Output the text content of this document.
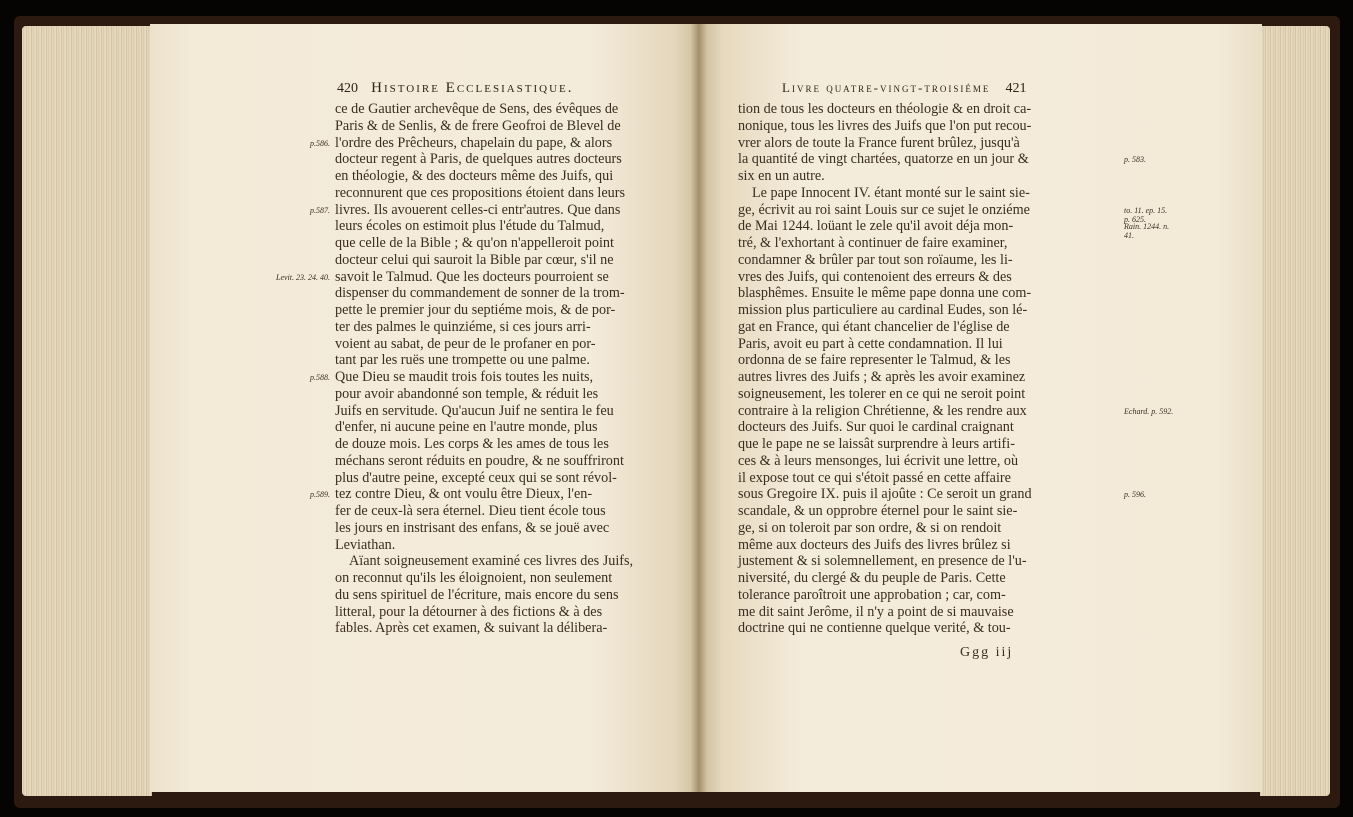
420 Histoire Ecclesiastique.	Livre quatre-vingt-troisiéme 421
ce de Gautier archevêque de Sens, des évêques de
Paris & de Senlis, & de frere Geofroi de Blevel de
l'ordre des Prêcheurs, chapelain du pape, & alors
docteur regent à Paris, de quelques autres docteurs
en théologie, & des docteurs même des Juifs, qui
reconnurent que ces propositions étoient dans leurs
livres. Ils avouerent celles-ci entr'autres. Que dans
leurs écoles on estimoit plus l'étude du Talmud,
que celle de la Bible ; & qu'on n'appelleroit point
docteur celui qui sauroit la Bible par cœur, s'il ne
savoit le Talmud. Que les docteurs pourroient se
dispenser du commandement de sonner de la trom-
pette le premier jour du septiéme mois, & de por-
ter des palmes le quinziéme, si ces jours arri-
voient au sabat, de peur de le profaner en por-
tant par les ruës une trompette ou une palme.
Que Dieu se maudit trois fois toutes les nuits,
pour avoir abandonné son temple, & réduit les
Juifs en servitude. Qu'aucun Juif ne sentira le feu
d'enfer, ni aucune peine en l'autre monde, plus
de douze mois. Les corps & les ames de tous les
méchans seront réduits en poudre, & ne souffriront
plus d'autre peine, excepté ceux qui se sont révol-
tez contre Dieu, & ont voulu être Dieux, l'en-
fer de ceux-là sera éternel. Dieu tient école tous
les jours en instrisant des enfans, & se jouë avec
Leviathan.
Aïant soigneusement examiné ces livres des Juifs,
on reconnut qu'ils les éloignoient, non seulement
du sens spirituel de l'écriture, mais encore du sens
litteral, pour la détourner à des fictions & à des
fables. Après cet examen, & suivant la délibera-
tion de tous les docteurs en théologie & en droit ca-
nonique, tous les livres des Juifs que l'on put recou-
vrer alors de toute la France furent brûlez, jusqu'à
la quantité de vingt chartées, quatorze en un jour &
six en un autre.
Le pape Innocent IV. étant monté sur le saint sie-
ge, écrivit au roi saint Louis sur ce sujet le onziéme
de Mai 1244. loüant le zele qu'il avoit déja mon-
tré, & l'exhortant à continuer de faire examiner,
condamner & brûler par tout son roïaume, les li-
vres des Juifs, qui contenoient des erreurs & des
blasphêmes. Ensuite le même pape donna une com-
mission plus particuliere au cardinal Eudes, son lé-
gat en France, qui étant chancelier de l'église de
Paris, avoit eu part à cette condamnation. Il lui
ordonna de se faire representer le Talmud, & les
autres livres des Juifs ; & après les avoir examinez
soigneusement, les tolerer en ce qui ne seroit point
contraire à la religion Chrétienne, & les rendre aux
docteurs des Juifs. Sur quoi le cardinal craignant
que le pape ne se laissât surprendre à leurs artifi-
ces & à leurs mensonges, lui écrivit une lettre, où
il expose tout ce qui s'étoit passé en cette affaire
sous Gregoire IX. puis il ajoûte : Ce seroit un grand
scandale, & un opprobre éternel pour le saint sie-
ge, si on toleroit par son ordre, & si on rendoit
même aux docteurs des Juifs des livres brûlez si
justement & si solemnellement, en presence de l'u-
niversité, du clergé & du peuple de Paris. Cette
tolerance paroîtroit une approbation ; car, com-
me dit saint Jerôme, il n'y a point de si mauvaise
doctrine qui ne contienne quelque verité, & tou-
p.586.
p.587.
Levit. 23. 24. 40.
p.588.
p.589.
p. 583.
to. 11. ep. 15. p. 625.
Rain. 1244. n. 41.
Echard. p. 592.
p. 596.
Ggg iij
